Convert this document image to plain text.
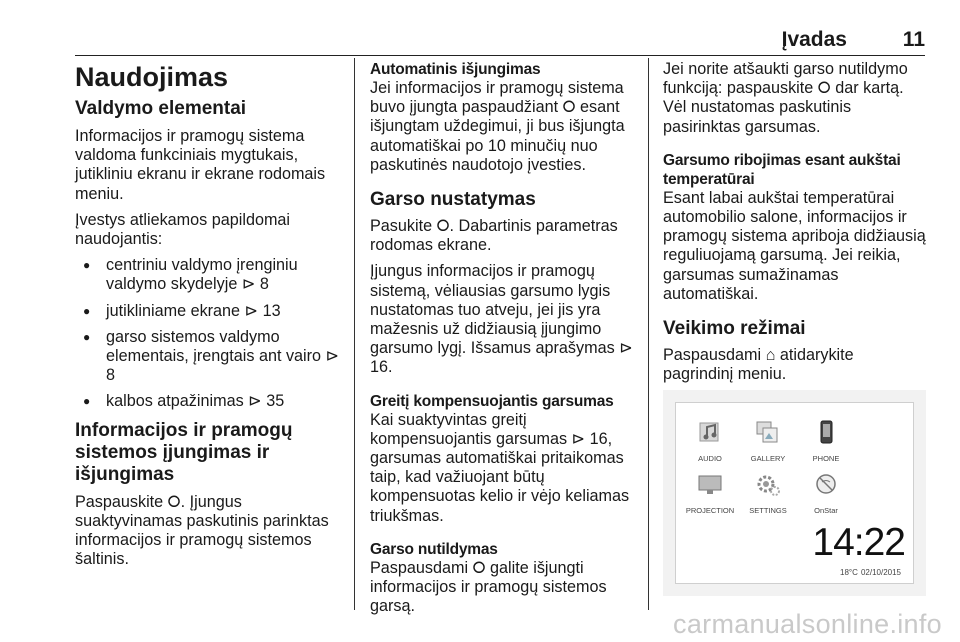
Įvadas	11
Naudojimas
Valdymo elementai
Informacijos ir pramogų sistema valdoma funkciniais mygtukais, jutikliniu ekranu ir ekrane rodomais meniu.
Įvestys atliekamos papildomai naudojantis:
● centriniu valdymo įrenginiu valdymo skydelyje ⊳ 8
● jutikliniame ekrane ⊳ 13
● garso sistemos valdymo elementais, įrengtais ant vairo ⊳ 8
● kalbos atpažinimas ⊳ 35
Informacijos ir pramogų sistemos įjungimas ir išjungimas
Paspauskite ⭘. Įjungus suaktyvinamas paskutinis parinktas informacijos ir pramogų sistemos šaltinis.
Automatinis išjungimas
Jei informacijos ir pramogų sistema buvo įjungta paspaudžiant ⭘ esant išjungtam uždegimui, ji bus išjungta automatiškai po 10 minučių nuo paskutinės naudotojo įvesties.
Garso nustatymas
Pasukite ⭘. Dabartinis parametras rodomas ekrane.
Įjungus informacijos ir pramogų sistemą, vėliausias garsumo lygis nustatomas tuo atveju, jei jis yra mažesnis už didžiausią įjungimo garsumo lygį. Išsamus aprašymas ⊳ 16.
Greitį kompensuojantis garsumas
Kai suaktyvintas greitį kompensuojantis garsumas ⊳ 16, garsumas automatiškai pritaikomas taip, kad važiuojant būtų kompensuotas kelio ir vėjo keliamas triukšmas.
Garso nutildymas
Paspausdami ⭘ galite išjungti informacijos ir pramogų sistemos garsą.
Jei norite atšaukti garso nutildymo funkciją: paspauskite ⭘ dar kartą. Vėl nustatomas paskutinis pasirinktas garsumas.
Garsumo ribojimas esant aukštai temperatūrai
Esant labai aukštai temperatūrai automobilio salone, informacijos ir pramogų sistema apriboja didžiausią reguliuojamą garsumą. Jei reikia, garsumas sumažinamas automatiškai.
Veikimo režimai
Paspausdami ⌂ atidarykite pagrindinį meniu.
AUDIO	GALLERY	PHONE
PROJECTION	SETTINGS	OnStar
14:22
18°C 02/10/2015
carmanualsonline.info
